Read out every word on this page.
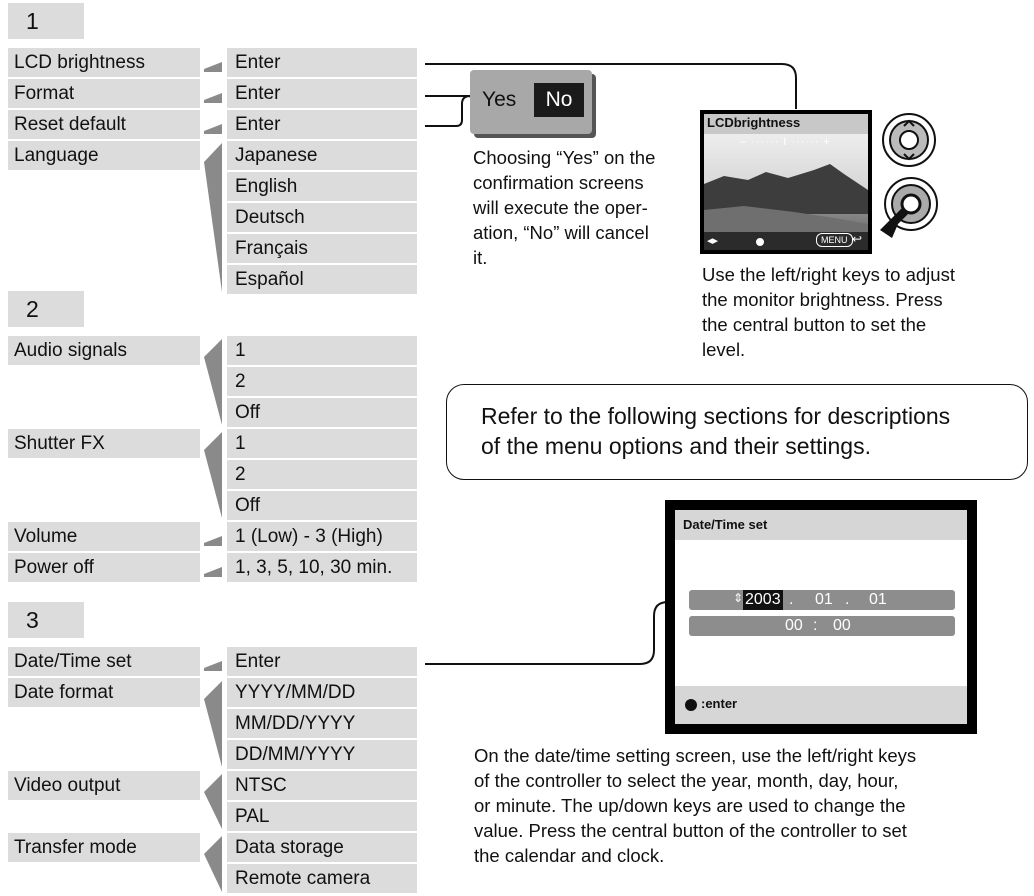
1
2
3
LCD brightness
Format
Reset default
Language
Enter
Enter
Enter
Japanese
English
Deutsch
Français
Español
Audio signals
Shutter FX
Volume
Power off
1
2
Off
1
2
Off
1 (Low) - 3 (High)
1, 3, 5, 10, 30 min.
Date/Time set
Date format
Video output
Transfer mode
Enter
YYYY/MM/DD
MM/DD/YYYY
DD/MM/YYYY
NTSC
PAL
Data storage
Remote camera
Yes	No
Choosing “Yes” on the
confirmation screens
will execute the oper-
ation, “No” will cancel
it.
LCDbrightness
– ······ I ······ +
◂▸	MENU ↩
Use the left/right keys to adjust
the monitor brightness. Press
the central button to set the
level.
Refer to the following sections for descriptions
of the menu options and their settings.
Date/Time set
⇕ 2003 . 01 . 01
00 : 00
:enter
On the date/time setting screen, use the left/right keys
of the controller to select the year, month, day, hour,
or minute. The up/down keys are used to change the
value. Press the central button of the controller to set
the calendar and clock.
